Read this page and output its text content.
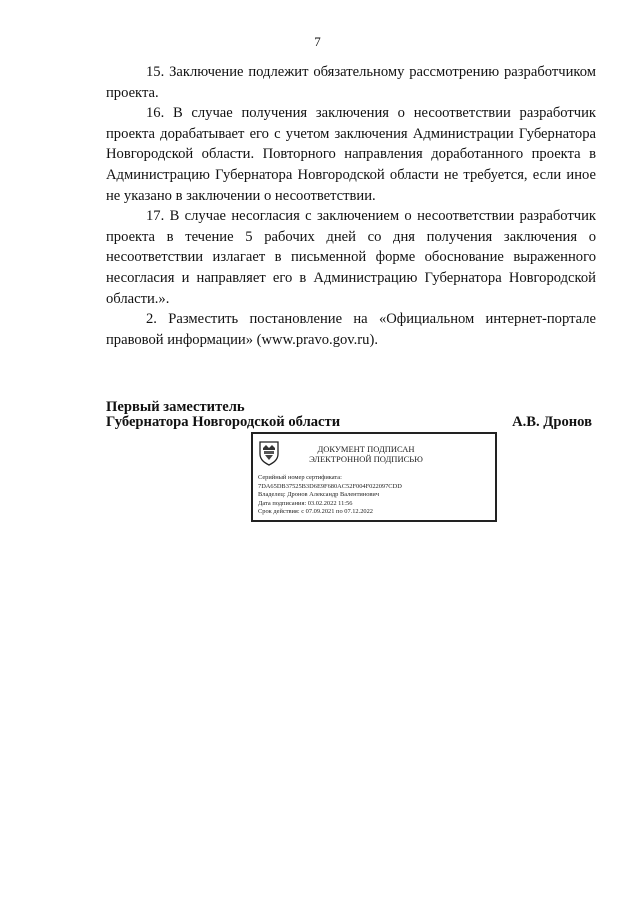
7

15. Заключение подлежит обязательному рассмотрению разработчиком проекта.

16. В случае получения заключения о несоответствии разработчик проекта дорабатывает его с учетом заключения Администрации Губернатора Новгородской области. Повторного направления доработанного проекта в Администрацию Губернатора Новгородской области не требуется, если иное не указано в заключении о несоответствии.

17. В случае несогласия с заключением о несоответствии разработчик проекта в течение 5 рабочих дней со дня получения заключения о несоответствии излагает в письменной форме обоснование выраженного несогласия и направляет его в Администрацию Губернатора Новгородской области.».

2. Разместить постановление на «Официальном интернет-портале правовой информации» (www.pravo.gov.ru).

Первый заместитель
Губернатора Новгородской области	А.В. Дронов
ДОКУМЕНТ ПОДПИСАН
ЭЛЕКТРОННОЙ ПОДПИСЬЮ
Серийный номер сертификата:
7DA65DB37525B3D6E9F680AC52F004F022097CDD
Владелец: Дронов Александр Валентинович
Дата подписания: 03.02.2022 11:56
Срок действия: с 07.09.2021 по 07.12.2022
